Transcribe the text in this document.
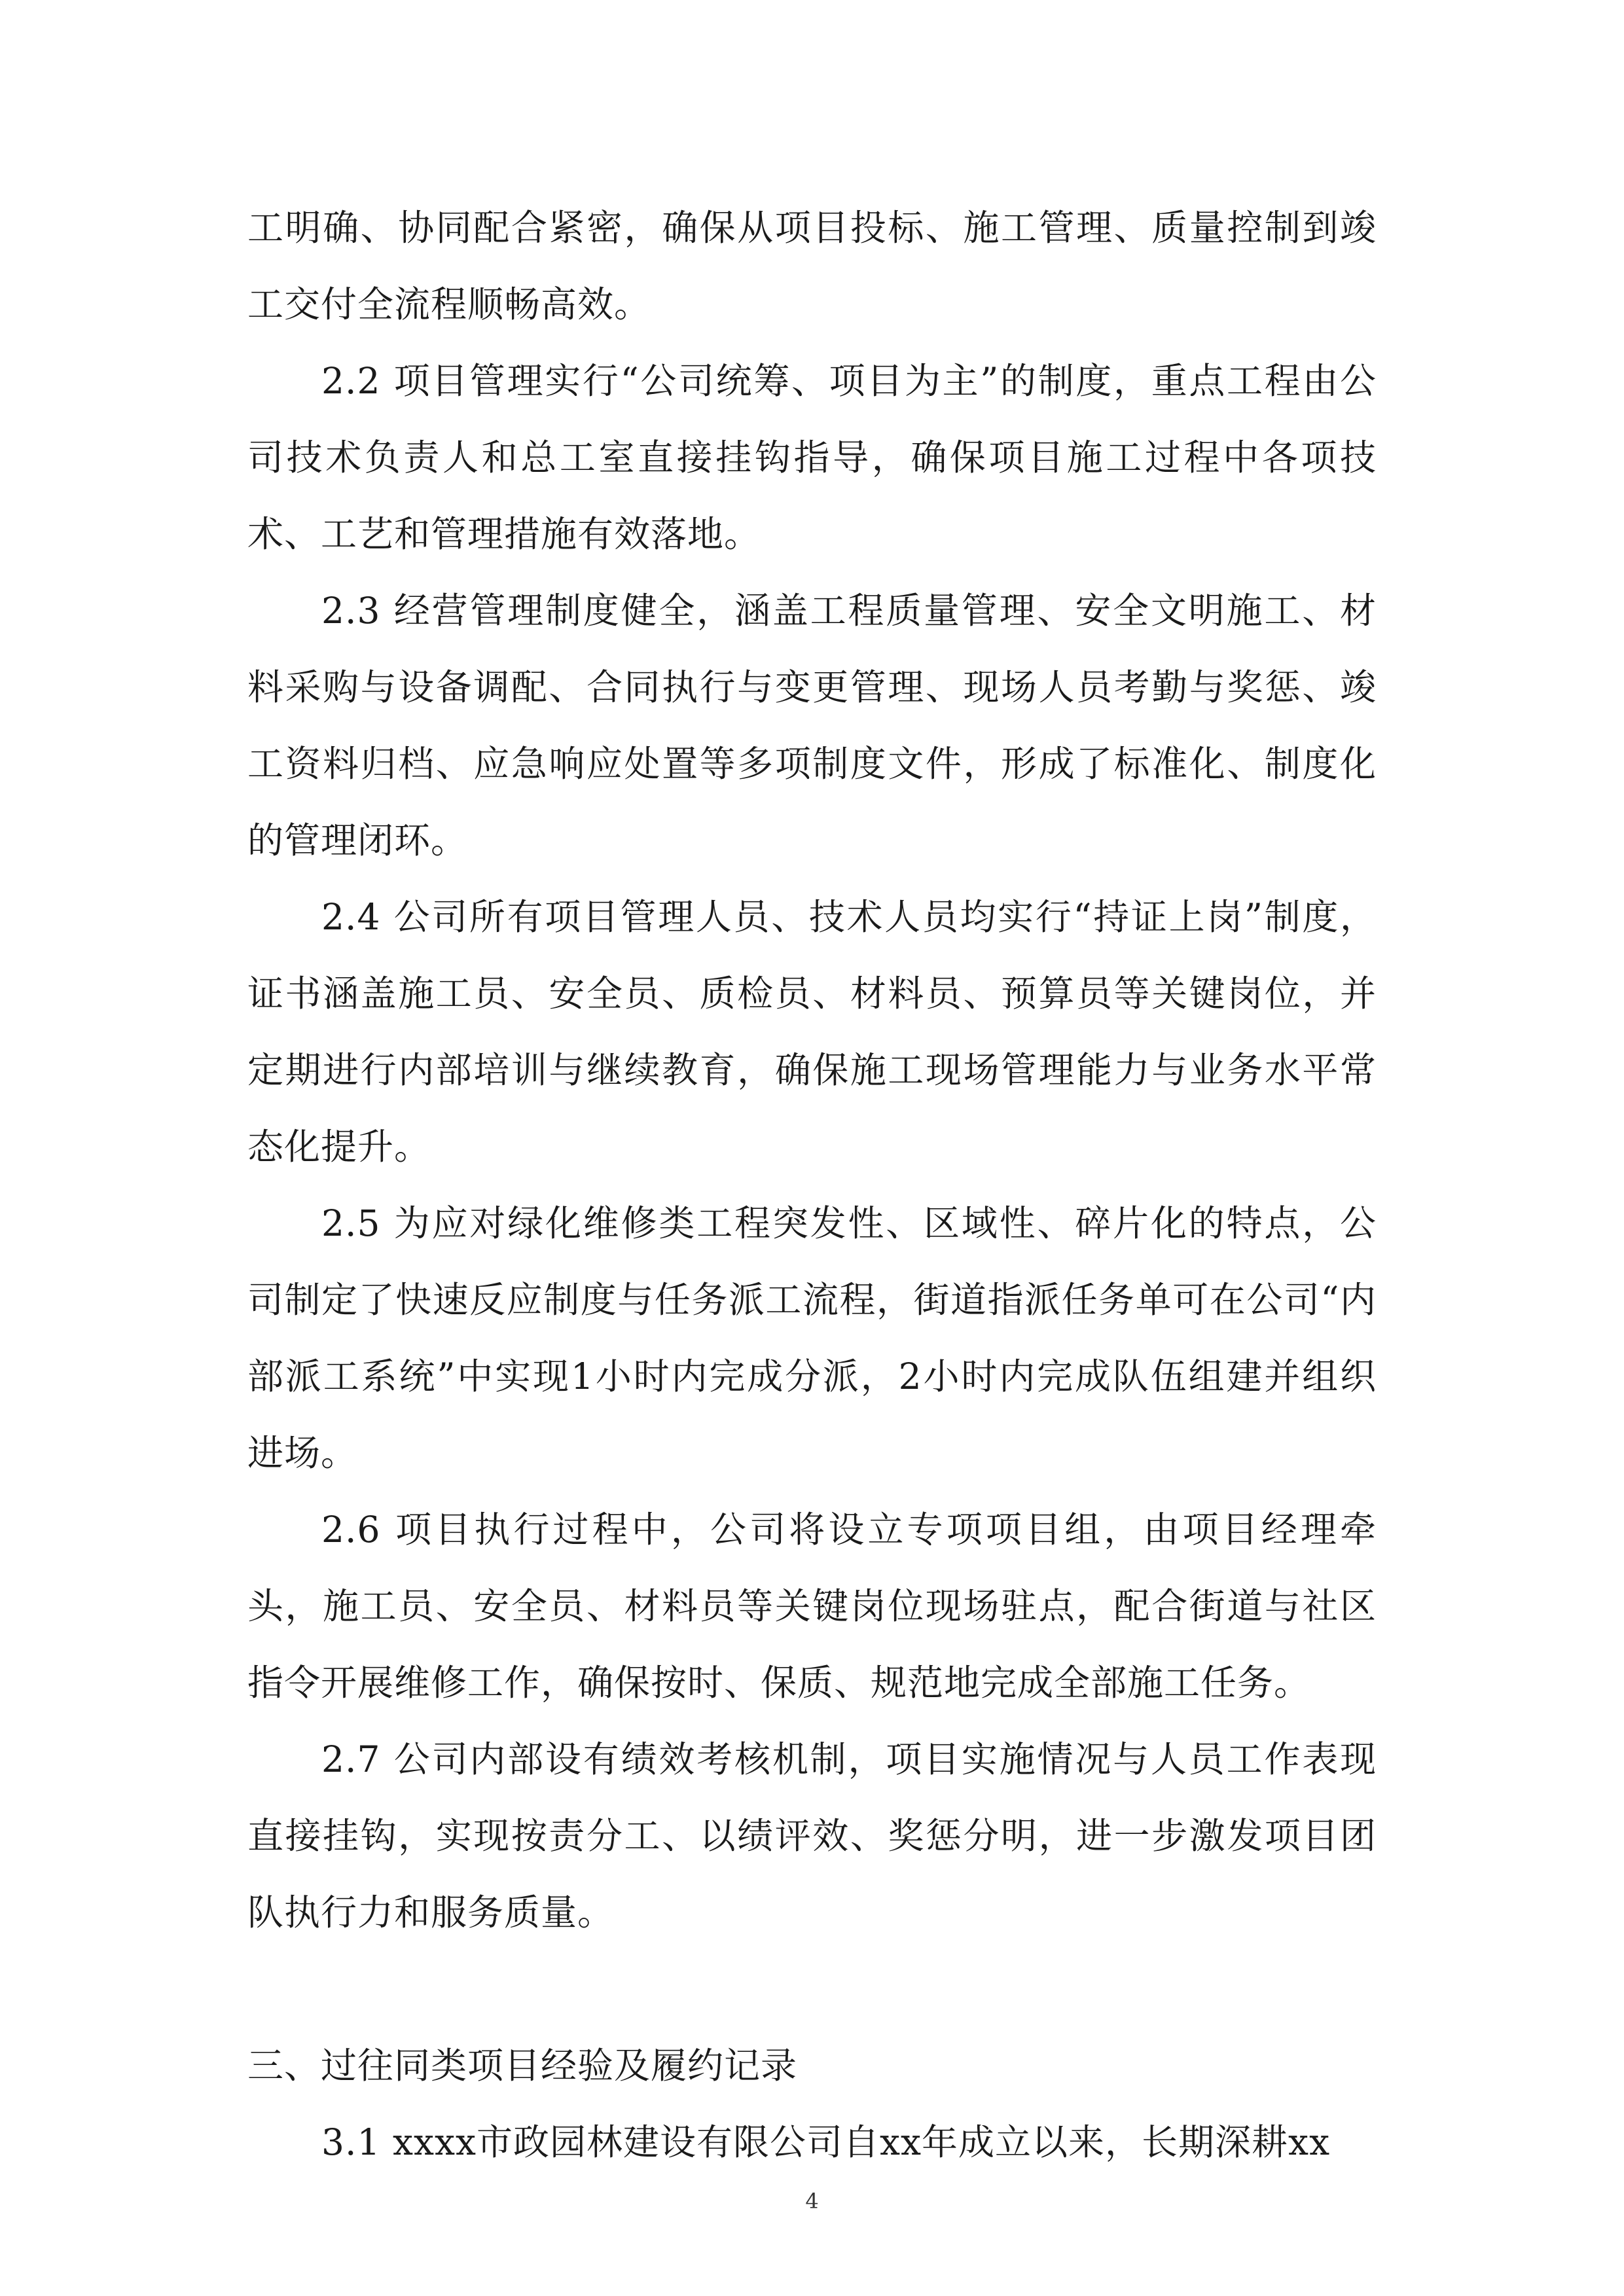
工明确、协同配合紧密，确保从项目投标、施工管理、质量控制到竣工交付全流程顺畅高效。

2.2 项目管理实行“公司统筹、项目为主”的制度，重点工程由公司技术负责人和总工室直接挂钩指导，确保项目施工过程中各项技术、工艺和管理措施有效落地。

2.3 经营管理制度健全，涵盖工程质量管理、安全文明施工、材料采购与设备调配、合同执行与变更管理、现场人员考勤与奖惩、竣工资料归档、应急响应处置等多项制度文件，形成了标准化、制度化的管理闭环。

2.4 公司所有项目管理人员、技术人员均实行“持证上岗”制度，证书涵盖施工员、安全员、质检员、材料员、预算员等关键岗位，并定期进行内部培训与继续教育，确保施工现场管理能力与业务水平常态化提升。

2.5 为应对绿化维修类工程突发性、区域性、碎片化的特点，公司制定了快速反应制度与任务派工流程，街道指派任务单可在公司“内部派工系统”中实现1小时内完成分派，2小时内完成队伍组建并组织进场。

2.6 项目执行过程中，公司将设立专项项目组，由项目经理牵头，施工员、安全员、材料员等关键岗位现场驻点，配合街道与社区指令开展维修工作，确保按时、保质、规范地完成全部施工任务。

2.7 公司内部设有绩效考核机制，项目实施情况与人员工作表现直接挂钩，实现按责分工、以绩评效、奖惩分明，进一步激发项目团队执行力和服务质量。

三、过往同类项目经验及履约记录

3.1 xxxx市政园林建设有限公司自xx年成立以来，长期深耕xx

4
